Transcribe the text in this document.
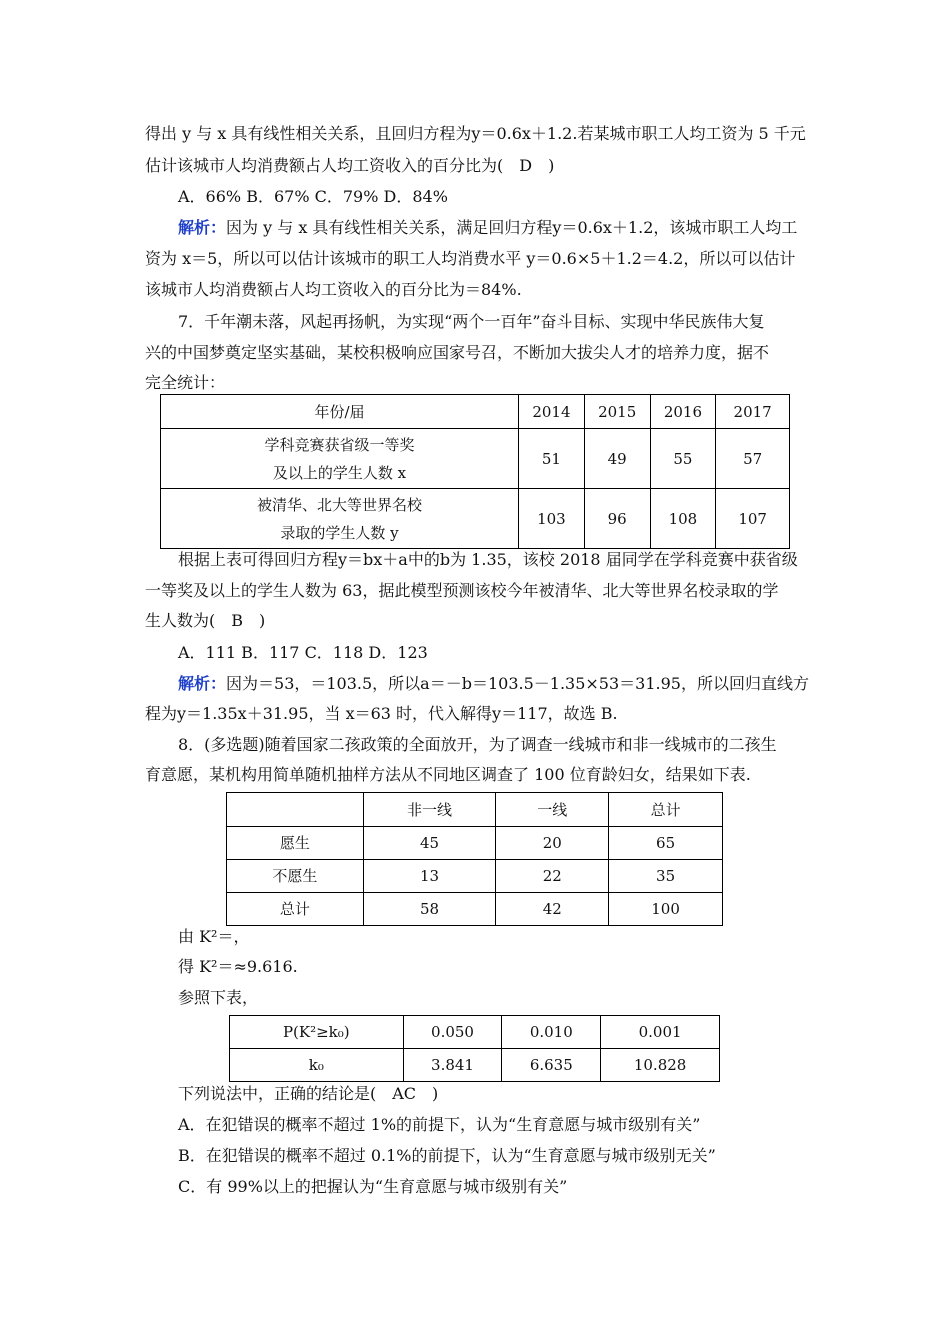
得出 y 与 x 具有线性相关关系，且回归方程为y＝0.6x＋1.2.若某城市职工人均工资为 5 千元
估计该城市人均消费额占人均工资收入的百分比为(　D　)
A．66% B．67% C．79% D．84%
解析：因为 y 与 x 具有线性相关关系，满足回归方程y＝0.6x＋1.2，该城市职工人均工
资为 x＝5，所以可以估计该城市的职工人均消费水平 y＝0.6×5＋1.2＝4.2，所以可以估计
该城市人均消费额占人均工资收入的百分比为＝84%.
7．千年潮未落，风起再扬帆，为实现“两个一百年”奋斗目标、实现中华民族伟大复
兴的中国梦奠定坚实基础，某校积极响应国家号召，不断加大拔尖人才的培养力度，据不
完全统计：
年份/届	2014	2015	2016	2017

学科竞赛获省级一等奖
及以上的学生人数 x	51	49	55	57

被清华、北大等世界名校
录取的学生人数 y	103	96	108	107
根据上表可得回归方程y＝bx＋a中的b为 1.35，该校 2018 届同学在学科竞赛中获省级
一等奖及以上的学生人数为 63，据此模型预测该校今年被清华、北大等世界名校录取的学
生人数为(　B　)
A．111 B．117 C．118 D．123
解析：因为＝53，＝103.5，所以a＝－b＝103.5－1.35×53＝31.95，所以回归直线方
程为y＝1.35x＋31.95，当 x＝63 时，代入解得y＝117，故选 B.
8．(多选题)随着国家二孩政策的全面放开，为了调查一线城市和非一线城市的二孩生
育意愿，某机构用简单随机抽样方法从不同地区调查了 100 位育龄妇女，结果如下表.
	非一线	一线	总计
愿生	45	20	65
不愿生	13	22	35
总计	58	42	100
由 K²＝，
得 K²＝≈9.616.
参照下表，
P(K²≥k₀)	0.050	0.010	0.001
k₀	3.841	6.635	10.828
下列说法中，正确的结论是(　AC　)
A．在犯错误的概率不超过 1%的前提下，认为“生育意愿与城市级别有关”
B．在犯错误的概率不超过 0.1%的前提下，认为“生育意愿与城市级别无关”
C．有 99%以上的把握认为“生育意愿与城市级别有关”
